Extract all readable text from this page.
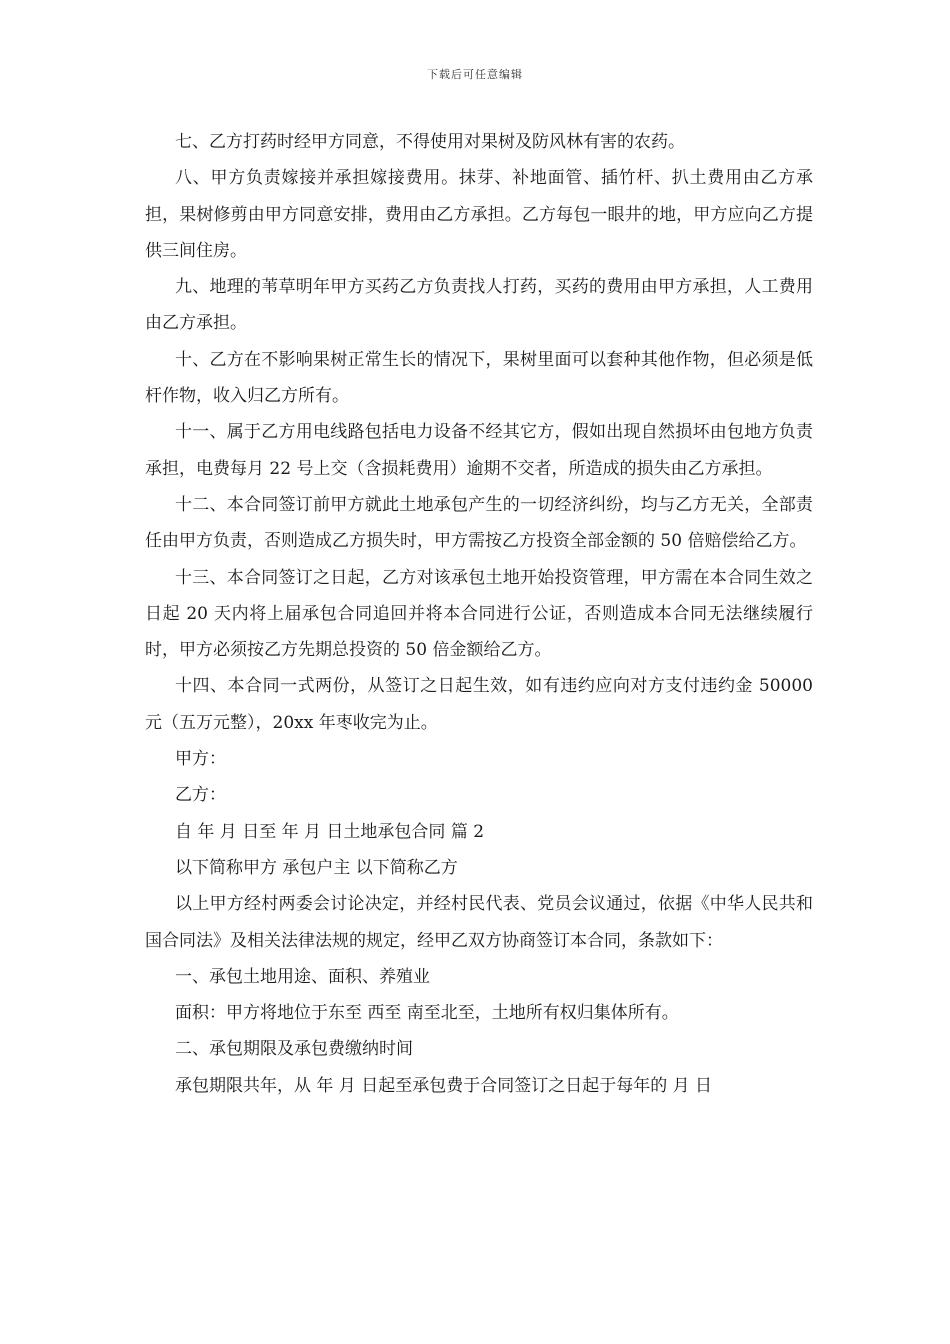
下载后可任意编辑

七、乙方打药时经甲方同意，不得使用对果树及防风林有害的农药。

八、甲方负责嫁接并承担嫁接费用。抹芽、补地面管、插竹杆、扒土费用由乙方承担，果树修剪由甲方同意安排，费用由乙方承担。乙方每包一眼井的地，甲方应向乙方提供三间住房。

九、地理的苇草明年甲方买药乙方负责找人打药，买药的费用由甲方承担，人工费用由乙方承担。

十、乙方在不影响果树正常生长的情况下，果树里面可以套种其他作物，但必须是低杆作物，收入归乙方所有。

十一、属于乙方用电线路包括电力设备不经其它方，假如出现自然损坏由包地方负责承担，电费每月 22 号上交（含损耗费用）逾期不交者，所造成的损失由乙方承担。

十二、本合同签订前甲方就此土地承包产生的一切经济纠纷，均与乙方无关，全部责任由甲方负责，否则造成乙方损失时，甲方需按乙方投资全部金额的 50 倍赔偿给乙方。

十三、本合同签订之日起，乙方对该承包土地开始投资管理，甲方需在本合同生效之日起 20 天内将上届承包合同追回并将本合同进行公证，否则造成本合同无法继续履行时，甲方必须按乙方先期总投资的 50 倍金额给乙方。

十四、本合同一式两份，从签订之日起生效，如有违约应向对方支付违约金 50000 元（五万元整），20xx 年枣收完为止。

甲方：

乙方：

自 年 月 日至 年 月 日土地承包合同 篇 2

以下简称甲方 承包户主 以下简称乙方

以上甲方经村两委会讨论决定，并经村民代表、党员会议通过，依据《中华人民共和国合同法》及相关法律法规的规定，经甲乙双方协商签订本合同，条款如下：

一、承包土地用途、面积、养殖业

面积：甲方将地位于东至 西至 南至北至，土地所有权归集体所有。

二、承包期限及承包费缴纳时间

承包期限共年，从 年 月 日起至承包费于合同签订之日起于每年的 月 日
